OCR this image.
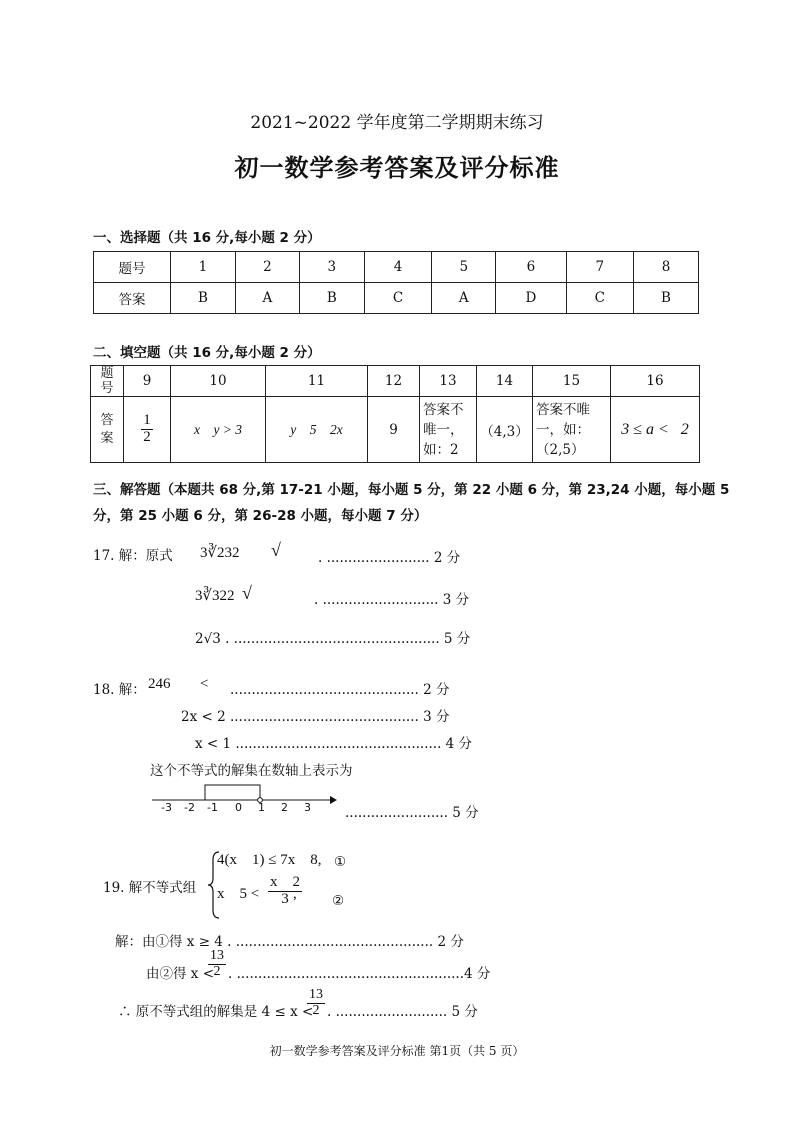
2021~2022 学年度第二学期期末练习
初一数学参考答案及评分标准
一、选择题（共 16 分,每小题 2 分）
题号	1	2	3	4	5	6	7	8
答案	B	A	B	C	A	D	C	B
二、填空题（共 16 分,每小题 2 分）
题号	9	10	11	12	13	14	15	16
答案	$\frac{1}{2}$	x    y > 3	y    5    2x	9	答案不唯一，如：2	（4,3）	答案不唯一，如：（2,5）	3 ≤ a <   2
三、解答题（本题共 68 分,第 17-21 小题，每小题 5 分，第 22 小题 6 分，第 23,24 小题，每小题 5
分，第 25 小题 6 分，第 26-28 小题，每小题 7 分）
17. 解：原式 3∛232 √	. ........................ 2 分
3∛322 √	. ........................... 3 分
2√3 . ................................................ 5 分
18. 解： 246 < ............................................ 2 分
2x < 2 ............................................ 3 分
x < 1 ................................................ 4 分
这个不等式的解集在数轴上表示为
-3 -2 -1 0 1 2 3	........................ 5 分
19. 解不等式组
4(x    1) ≤ 7x    8, ①
x    $5 < \frac{x 2}{3}$
,	②
解：由①得 x ≥ 4 . .............................................. 2 分
由②得 x <
$\frac{13}{2}$ . .....................................................4 分
∴ 原不等式组的解集是 4 ≤ x <
$\frac{13}{2}$ . .......................... 5 分
初一数学参考答案及评分标准 第1页（共 5 页）
